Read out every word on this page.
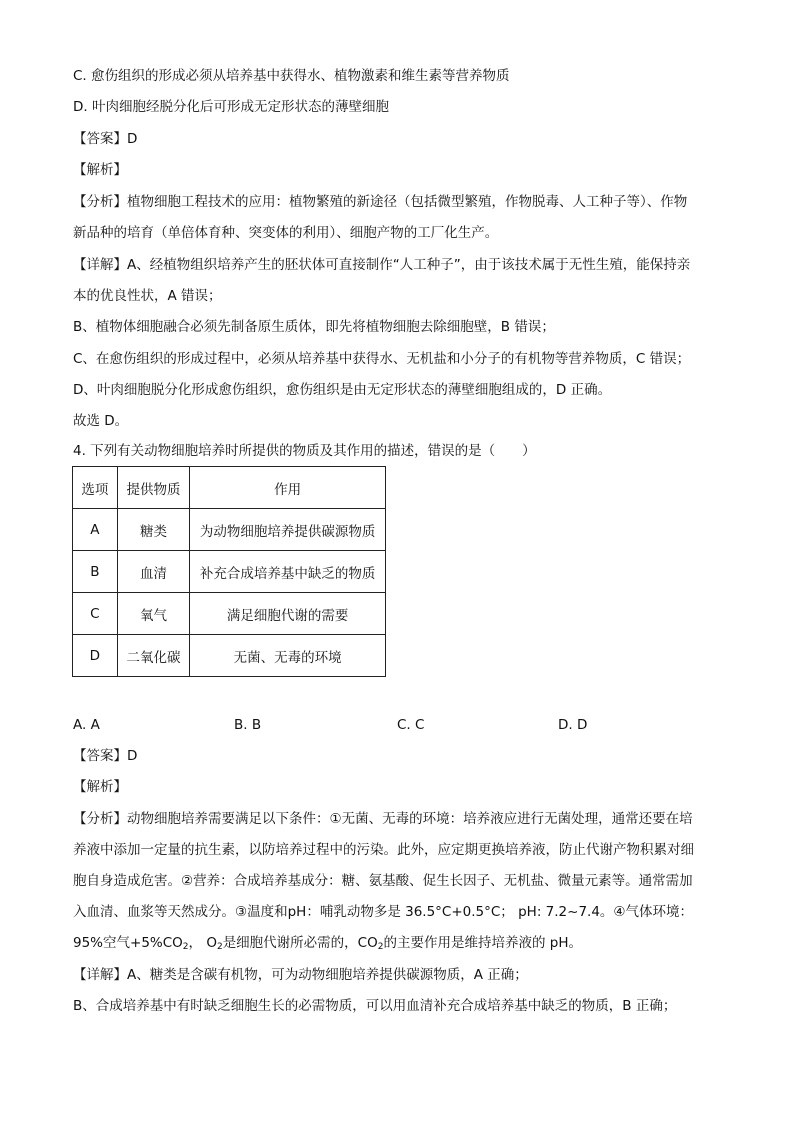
C. 愈伤组织的形成必须从培养基中获得水、植物激素和维生素等营养物质
D. 叶肉细胞经脱分化后可形成无定形状态的薄壁细胞
【答案】D
【解析】
【分析】植物细胞工程技术的应用：植物繁殖的新途径（包括微型繁殖，作物脱毒、人工种子等）、作物
新品种的培育（单倍体育种、突变体的利用）、细胞产物的工厂化生产。
【详解】A、经植物组织培养产生的胚状体可直接制作“人工种子”，由于该技术属于无性生殖，能保持亲
本的优良性状，A 错误；
B、植物体细胞融合必须先制备原生质体，即先将植物细胞去除细胞壁，B 错误；
C、在愈伤组织的形成过程中，必须从培养基中获得水、无机盐和小分子的有机物等营养物质，C 错误；
D、叶肉细胞脱分化形成愈伤组织，愈伤组织是由无定形状态的薄壁细胞组成的，D 正确。
故选 D。
4. 下列有关动物细胞培养时所提供的物质及其作用的描述，错误的是（　　）
选项	提供物质	作用
A	糖类	为动物细胞培养提供碳源物质
B	血清	补充合成培养基中缺乏的物质
C	氧气	满足细胞代谢的需要
D	二氧化碳	无菌、无毒的环境
A. A	B. B	C. C	D. D
【答案】D
【解析】
【分析】动物细胞培养需要满足以下条件：①无菌、无毒的环境：培养液应进行无菌处理，通常还要在培
养液中添加一定量的抗生素，以防培养过程中的污染。此外，应定期更换培养液，防止代谢产物积累对细
胞自身造成危害。②营养：合成培养基成分：糖、氨基酸、促生长因子、无机盐、微量元素等。通常需加
入血清、血浆等天然成分。③温度和pH：哺乳动物多是 36.5°C+0.5°C； pH: 7.2~7.4。④气体环境：
95%空气$+5\%CO_2$， $O_2$是细胞代谢所必需的，$CO_2$的主要作用是维持培养液的 pH。
【详解】A、糖类是含碳有机物，可为动物细胞培养提供碳源物质，A 正确；
B、合成培养基中有时缺乏细胞生长的必需物质，可以用血清补充合成培养基中缺乏的物质，B 正确；
